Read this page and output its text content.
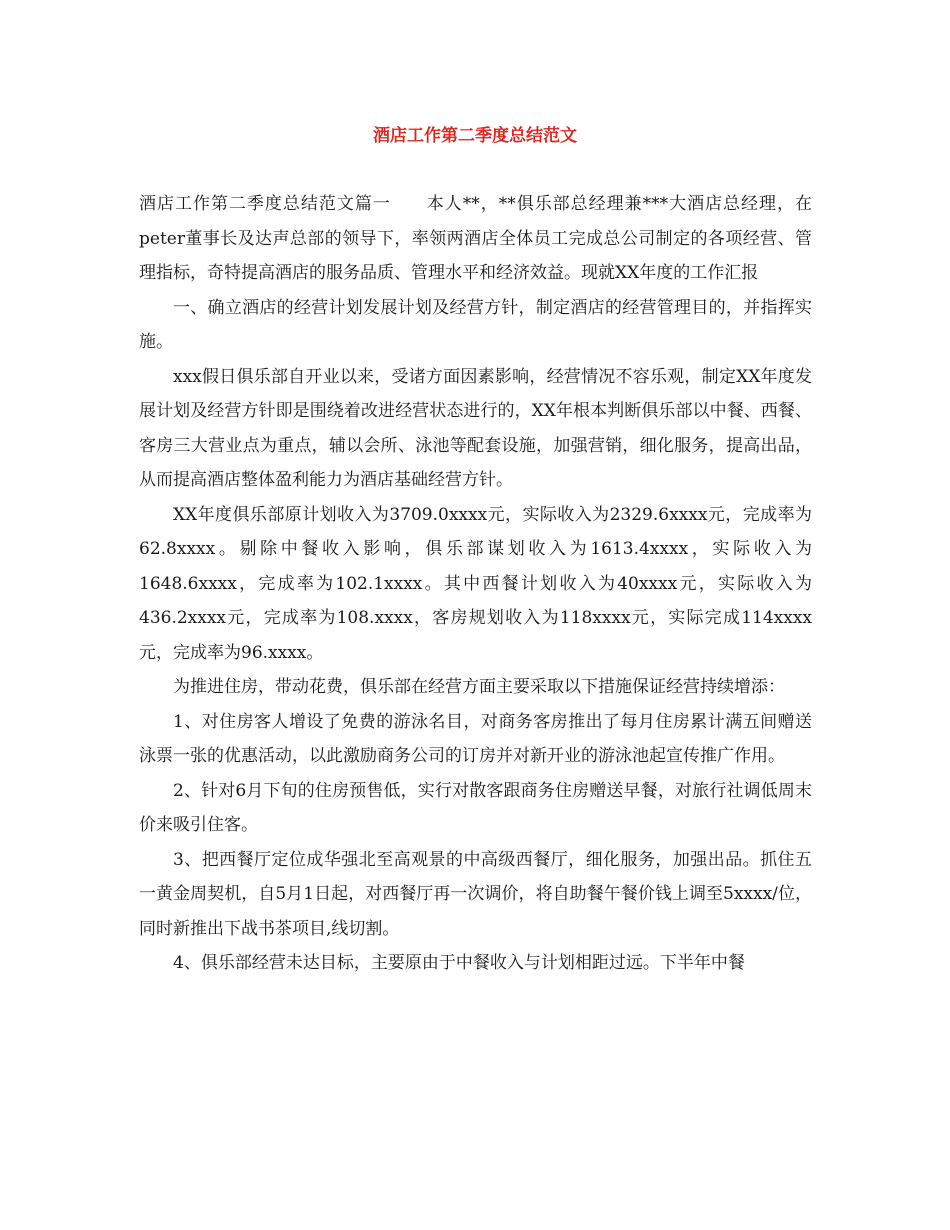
酒店工作第二季度总结范文

酒店工作第二季度总结范文篇一　　本人**，**俱乐部总经理兼***大酒店总经理，在peter董事长及达声总部的领导下，率领两酒店全体员工完成总公司制定的各项经营、管理指标，奇特提高酒店的服务品质、管理水平和经济效益。现就XX年度的工作汇报

一、确立酒店的经营计划发展计划及经营方针，制定酒店的经营管理目的，并指挥实施。

xxx假日俱乐部自开业以来，受诸方面因素影响，经营情况不容乐观，制定XX年度发展计划及经营方针即是围绕着改进经营状态进行的，XX年根本判断俱乐部以中餐、西餐、客房三大营业点为重点，辅以会所、泳池等配套设施，加强营销，细化服务，提高出品，从而提高酒店整体盈利能力为酒店基础经营方针。

XX年度俱乐部原计划收入为3709.0xxxx元，实际收入为2329.6xxxx元，完成率为62.8xxxx。剔除中餐收入影响，俱乐部谋划收入为1613.4xxxx，实际收入为1648.6xxxx，完成率为102.1xxxx。其中西餐计划收入为40xxxx元，实际收入为436.2xxxx元，完成率为108.xxxx，客房规划收入为118xxxx元，实际完成114xxxx元，完成率为96.xxxx。

为推进住房，带动花费，俱乐部在经营方面主要采取以下措施保证经营持续增添：

1、对住房客人增设了免费的游泳名目，对商务客房推出了每月住房累计满五间赠送泳票一张的优惠活动，以此激励商务公司的订房并对新开业的游泳池起宣传推广作用。

2、针对6月下旬的住房预售低，实行对散客跟商务住房赠送早餐，对旅行社调低周末价来吸引住客。

3、把西餐厅定位成华强北至高观景的中高级西餐厅，细化服务，加强出品。抓住五一黄金周契机，自5月1日起，对西餐厅再一次调价，将自助餐午餐价钱上调至5xxxx/位，同时新推出下战书茶项目,线切割。

4、俱乐部经营未达目标，主要原由于中餐收入与计划相距过远。下半年中餐
